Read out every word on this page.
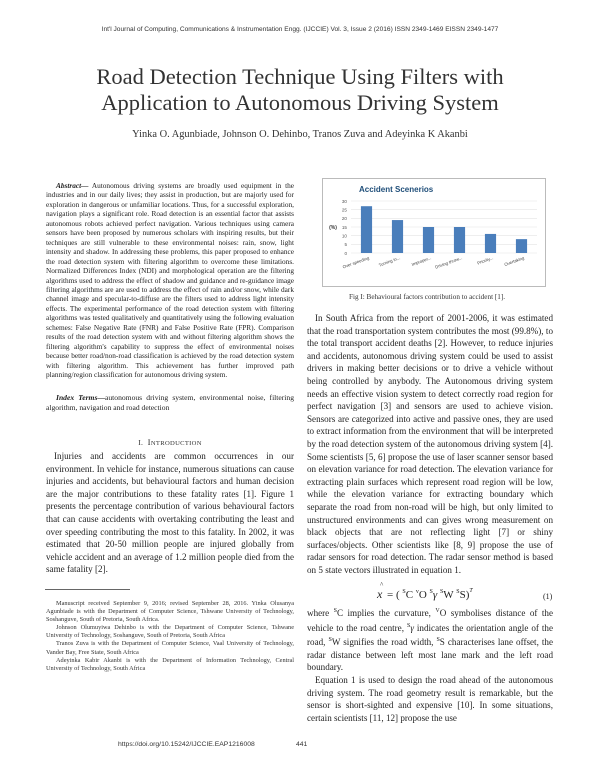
Int'l Journal of Computing, Communications & Instrumentation Engg. (IJCCIE) Vol. 3, Issue 2 (2016) ISSN 2349-1469 EISSN 2349-1477
Road Detection Technique Using Filters with
Application to Autonomous Driving System
Yinka O. Agunbiade, Johnson O. Dehinbo, Tranos Zuva and Adeyinka K Akanbi

Abstract— Autonomous driving systems are broadly used equipment in the industries and in our daily lives; they assist in production, but are majorly used for exploration in dangerous or unfamiliar locations. Thus, for a successful exploration, navigation plays a significant role. Road detection is an essential factor that assists autonomous robots achieved perfect navigation. Various techniques using camera sensors have been proposed by numerous scholars with inspiring results, but their techniques are still vulnerable to these environmental noises: rain, snow, light intensity and shadow. In addressing these problems, this paper proposed to enhance the road detection system with filtering algorithm to overcome these limitations. Normalized Differences Index (NDI) and morphological operation are the filtering algorithms used to address the effect of shadow and guidance and re-guidance image filtering algorithms are are used to address the effect of rain and/or snow, while dark channel image and specular-to-diffuse are the filters used to address light intensity effects. The experimental performance of the road detection system with filtering algorithms was tested qualitatively and quantitatively using the following evaluation schemes: False Negative Rate (FNR) and False Positive Rate (FPR). Comparison results of the road detection system with and without filtering algorithm shows the filtering algorithm's capability to suppress the effect of environmental noises because better road/non-road classification is achieved by the road detection system with filtering algorithm. This achievement has further improved path planning/region classification for autonomous driving system.

Index Terms—autonomous driving system, environmental noise, filtering algorithm, navigation and road detection

I. INTRODUCTION

Injuries and accidents are common occurrences in our environment. In vehicle for instance, numerous situations can cause injuries and accidents, but behavioural factors and human decision are the major contributions to these fatality rates [1]. Figure 1 presents the percentage contribution of various behavioural factors that can cause accidents with overtaking contributing the least and over speeding contributing the most to this fatality. In 2002, it was estimated that 20-50 million people are injured globally from vehicle accident and an average of 1.2 million people died from the same fatality [2].

Manuscript received September 9, 2016; revised September 28, 2016. Yinka Olusanya Agunbiade is with the Department of Computer Science, Tshwane University of Technology, Soshanguve, South of Pretoria, South Africa.

Johnson Olumuyiwa Dehinbo is with the Department of Computer Science, Tshwane University of Technology, Soshanguve, South of Pretoria, South Africa

Tranos Zuva is with the Department of Computer Science, Vaal University of Technology, Vander Bay, Free State, South Africa

Adeyinka Kabir Akanbi is with the Department of Information Technology, Central University of Technology, South Africa

Accident Scenerios
0
5
10
15
20
25
30
(%)
Over speeding Turning in... Improper... Driving throw...	Priority... Overtaking
Fig I: Behavioural factors contribution to accident [1].

In South Africa from the report of 2001-2006, it was estimated that the road transportation system contributes the most (99.8%), to the total transport accident deaths [2]. However, to reduce injuries and accidents, autonomous driving system could be used to assist drivers in making better decisions or to drive a vehicle without being controlled by anybody. The Autonomous driving system needs an effective vision system to detect correctly road region for perfect navigation [3] and sensors are used to achieve vision. Sensors are categorized into active and passive ones, they are used to extract information from the environment that will be interpreted by the road detection system of the autonomous driving system [4]. Some scientists [5, 6] propose the use of laser scanner sensor based on elevation variance for road detection. The elevation variance for extracting plain surfaces which represent road region will be low, while the elevation variance for extracting boundary which separate the road from non-road will be high, but only limited to unstructured environments and can gives wrong measurement on black objects that are not reflecting light [7] or shiny surfaces/objects. Other scientists like [8, 9] propose the use of radar sensors for road detection. The radar sensor method is based on 5 state vectors illustrated in equation 1.

^
x = ( $^S$C $^v$O $^S$γ $^S$W $^S$S)$^T$
(1)

where $^S$C implies the curvature, $^V$O symbolises distance of the vehicle to the road centre, $^S$γ indicates the orientation angle of the road, $^S$W signifies the road width, $^S$S characterises lane offset, the radar distance between left most lane mark and the left road boundary.

Equation 1 is used to design the road ahead of the autonomous driving system. The road geometry result is remarkable, but the sensor is short-sighted and expensive [10]. In some situations, certain scientists [11, 12] propose the use

https://doi.org/10.15242/IJCCIE.EAP1216008	441
